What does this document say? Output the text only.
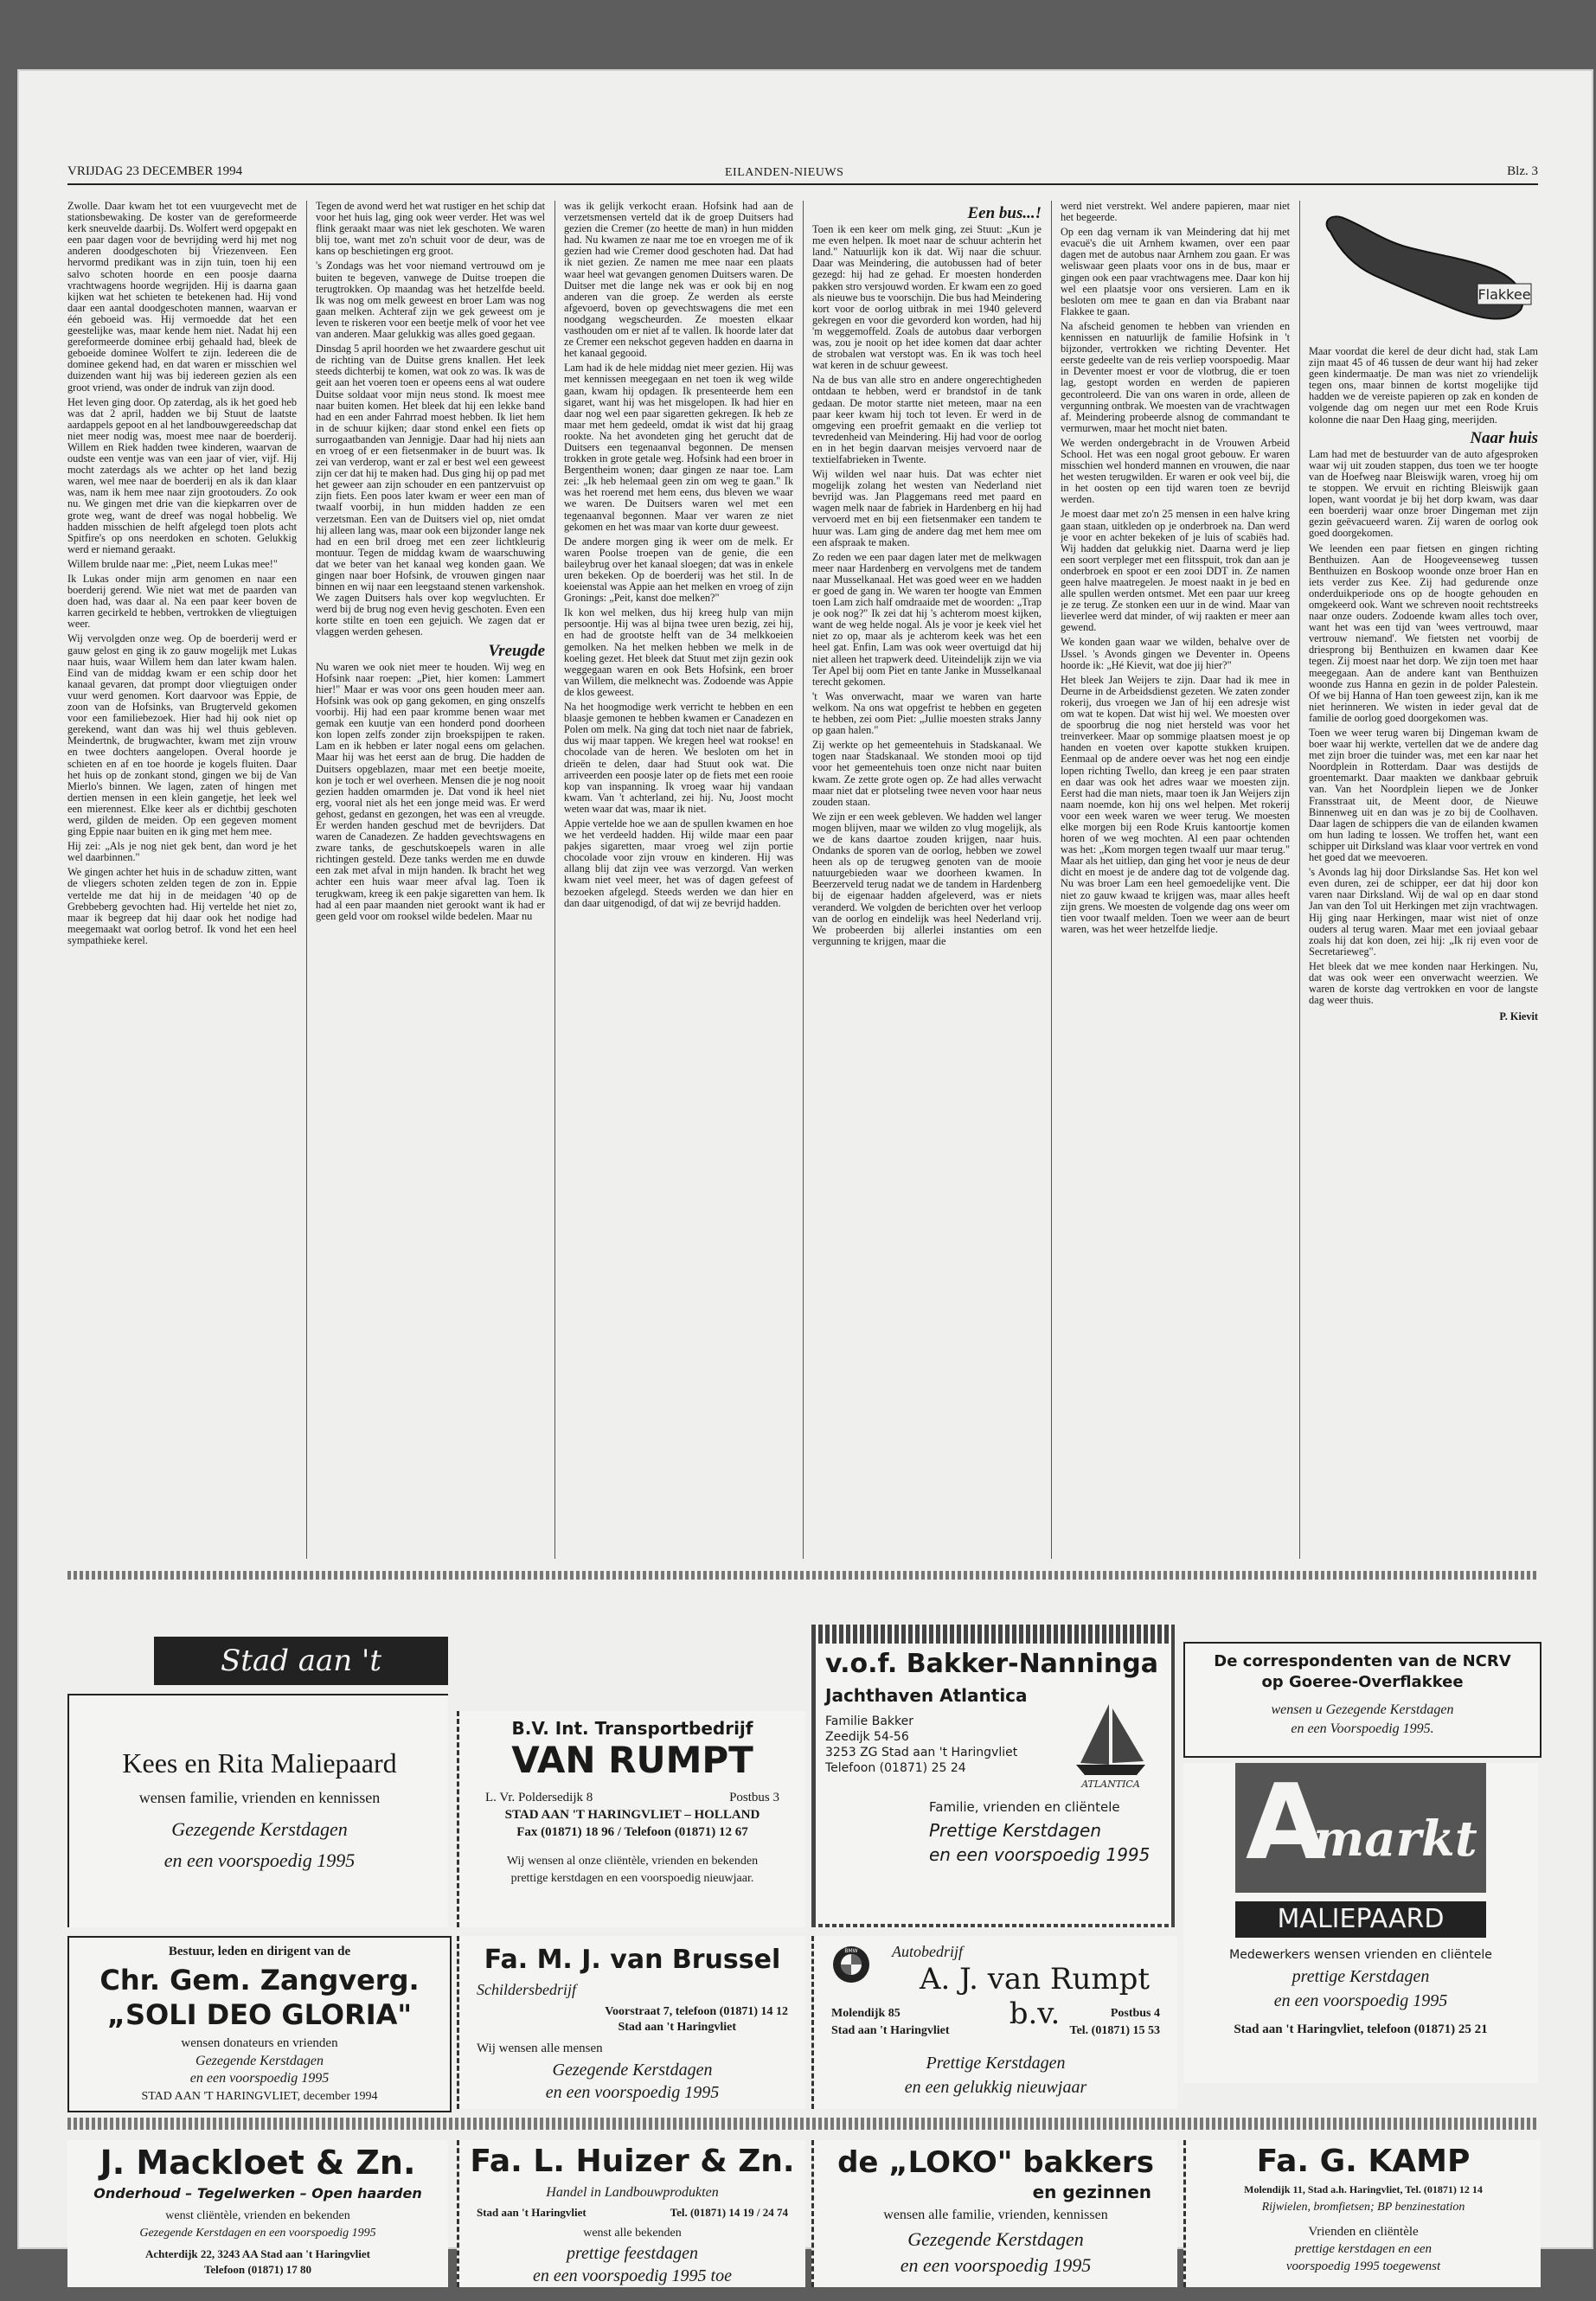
VRIJDAG 23 DECEMBER 1994	EILANDEN-NIEUWS	Blz. 3

Zwolle. Daar kwam het tot een vuurgevecht met de stationsbewaking. De koster van de gereformeerde kerk sneuvelde daarbij. Ds. Wolfert werd opgepakt en een paar dagen voor de bevrijding werd hij met nog anderen doodgeschoten bij Vriezenveen. Een hervormd predikant was in zijn tuin, toen hij een salvo schoten hoorde en een poosje daarna vrachtwagens hoorde wegrijden. Hij is daarna gaan kijken wat het schieten te betekenen had. Hij vond daar een aantal doodgeschoten mannen, waarvan er één geboeid was. Hij vermoedde dat het een geestelijke was, maar kende hem niet. Nadat hij een gereformeerde dominee erbij gehaald had, bleek de geboeide dominee Wolfert te zijn. Iedereen die de dominee gekend had, en dat waren er misschien wel duizenden want hij was bij iedereen gezien als een groot vriend, was onder de indruk van zijn dood.

Het leven ging door. Op zaterdag, als ik het goed heb was dat 2 april, hadden we bij Stuut de laatste aardappels gepoot en al het landbouwgereedschap dat niet meer nodig was, moest mee naar de boerderij. Willem en Riek hadden twee kinderen, waarvan de oudste een ventje was van een jaar of vier, vijf. Hij mocht zaterdags als we achter op het land bezig waren, wel mee naar de boerderij en als ik dan klaar was, nam ik hem mee naar zijn grootouders. Zo ook nu. We gingen met drie van die kiepkarren over de grote weg, want de dreef was nogal hobbelig. We hadden misschien de helft afgelegd toen plots acht Spitfire's op ons neerdoken en schoten. Gelukkig werd er niemand geraakt.

Willem brulde naar me: „Piet, neem Lukas mee!"

Ik Lukas onder mijn arm genomen en naar een boerderij gerend. Wie niet wat met de paarden van doen had, was daar al. Na een paar keer boven de karren gecirkeld te hebben, vertrokken de vliegtuigen weer.

Wij vervolgden onze weg. Op de boerderij werd er gauw gelost en ging ik zo gauw mogelijk met Lukas naar huis, waar Willem hem dan later kwam halen. Eind van de middag kwam er een schip door het kanaal gevaren, dat prompt door vliegtuigen onder vuur werd genomen. Kort daarvoor was Eppie, de zoon van de Hofsinks, van Brugterveld gekomen voor een familiebezoek. Hier had hij ook niet op gerekend, want dan was hij wel thuis gebleven. Meindertnk, de brugwachter, kwam met zijn vrouw en twee dochters aangelopen. Overal hoorde je schieten en af en toe hoorde je kogels fluiten. Daar het huis op de zonkant stond, gingen we bij de Van Mierlo's binnen. We lagen, zaten of hingen met dertien mensen in een klein gangetje, het leek wel een mierennest. Elke keer als er dichtbij geschoten werd, gilden de meiden. Op een gegeven moment ging Eppie naar buiten en ik ging met hem mee.

Hij zei: „Als je nog niet gek bent, dan word je het wel daarbinnen."

We gingen achter het huis in de schaduw zitten, want de vliegers schoten zelden tegen de zon in. Eppie vertelde me dat hij in de meidagen '40 op de Grebbeberg gevochten had. Hij vertelde het niet zo, maar ik begreep dat hij daar ook het nodige had meegemaakt wat oorlog betrof. Ik vond het een heel sympathieke kerel.

Tegen de avond werd het wat rustiger en het schip dat voor het huis lag, ging ook weer verder. Het was wel flink geraakt maar was niet lek geschoten. We waren blij toe, want met zo'n schuit voor de deur, was de kans op beschietingen erg groot.

's Zondags was het voor niemand vertrouwd om je buiten te begeven, vanwege de Duitse troepen die terugtrokken. Op maandag was het hetzelfde beeld. Ik was nog om melk geweest en broer Lam was nog gaan melken. Achteraf zijn we gek geweest om je leven te riskeren voor een beetje melk of voor het vee van anderen. Maar gelukkig was alles goed gegaan.

Dinsdag 5 april hoorden we het zwaardere geschut uit de richting van de Duitse grens knallen. Het leek steeds dichterbij te komen, wat ook zo was. Ik was de geit aan het voeren toen er opeens eens al wat oudere Duitse soldaat voor mijn neus stond. Ik moest mee naar buiten komen. Het bleek dat hij een lekke band had en een ander Fahrrad moest hebben. Ik liet hem in de schuur kijken; daar stond enkel een fiets op surrogaatbanden van Jennigje. Daar had hij niets aan en vroeg of er een fietsenmaker in de buurt was. Ik zei van verderop, want er zal er best wel een geweest zijn cer dat hij te maken had. Dus ging hij op pad met het geweer aan zijn schouder en een pantzervuist op zijn fiets. Een poos later kwam er weer een man of twaalf voorbij, in hun midden hadden ze een verzetsman. Een van de Duitsers viel op, niet omdat hij alleen lang was, maar ook een bijzonder lange nek had en een bril droeg met een zeer lichtkleurig montuur. Tegen de middag kwam de waarschuwing dat we beter van het kanaal weg konden gaan. We gingen naar boer Hofsink, de vrouwen gingen naar binnen en wij naar een leegstaand stenen varkenshok. We zagen Duitsers hals over kop wegvluchten. Er werd bij de brug nog even hevig geschoten. Even een korte stilte en toen een gejuich. We zagen dat er vlaggen werden gehesen.

Vreugde

Nu waren we ook niet meer te houden. Wij weg en Hofsink naar roepen: „Piet, hier komen: Lammert hier!" Maar er was voor ons geen houden meer aan. Hofsink was ook op gang gekomen, en ging onszelfs voorbij. Hij had een paar kromme benen waar met gemak een kuutje van een honderd pond doorheen kon lopen zelfs zonder zijn broekspijpen te raken. Lam en ik hebben er later nogal eens om gelachen. Maar hij was het eerst aan de brug. Die hadden de Duitsers opgeblazen, maar met een beetje moeite, kon je toch er wel overheen. Mensen die je nog nooit gezien hadden omarmden je. Dat vond ik heel niet erg, vooral niet als het een jonge meid was. Er werd gehost, gedanst en gezongen, het was een al vreugde. Er werden handen geschud met de bevrijders. Dat waren de Canadezen. Ze hadden gevechtswagens en zware tanks, de geschutskoepels waren in alle richtingen gesteld. Deze tanks werden me en duwde een zak met afval in mijn handen. Ik bracht het weg achter een huis waar meer afval lag. Toen ik terugkwam, kreeg ik een pakje sigaretten van hem. Ik had al een paar maanden niet gerookt want ik had er geen geld voor om rooksel wilde bedelen. Maar nu

was ik gelijk verkocht eraan. Hofsink had aan de verzetsmensen verteld dat ik de groep Duitsers had gezien die Cremer (zo heette de man) in hun midden had. Nu kwamen ze naar me toe en vroegen me of ik gezien had wie Cremer dood geschoten had. Dat had ik niet gezien. Ze namen me mee naar een plaats waar heel wat gevangen genomen Duitsers waren. De Duitser met die lange nek was er ook bij en nog anderen van die groep. Ze werden als eerste afgevoerd, boven op gevechtswagens die met een noodgang wegscheurden. Ze moesten elkaar vasthouden om er niet af te vallen. Ik hoorde later dat ze Cremer een nekschot gegeven hadden en daarna in het kanaal gegooid.

Lam had ik de hele middag niet meer gezien. Hij was met kennissen meegegaan en net toen ik weg wilde gaan, kwam hij opdagen. Ik presenteerde hem een sigaret, want hij was het misgelopen. Ik had hier en daar nog wel een paar sigaretten gekregen. Ik heb ze maar met hem gedeeld, omdat ik wist dat hij graag rookte. Na het avondeten ging het gerucht dat de Duitsers een tegenaanval begonnen. De mensen trokken in grote getale weg. Hofsink had een broer in Bergentheim wonen; daar gingen ze naar toe. Lam zei: „Ik heb helemaal geen zin om weg te gaan." Ik was het roerend met hem eens, dus bleven we waar we waren. De Duitsers waren wel met een tegenaanval begonnen. Maar ver waren ze niet gekomen en het was maar van korte duur geweest.

De andere morgen ging ik weer om de melk. Er waren Poolse troepen van de genie, die een baileybrug over het kanaal sloegen; dat was in enkele uren bekeken. Op de boerderij was het stil. In de koeienstal was Appie aan het melken en vroeg of zijn Gronings: „Peit, kanst doe melken?"

Ik kon wel melken, dus hij kreeg hulp van mijn persoontje. Hij was al bijna twee uren bezig, zei hij, en had de grootste helft van de 34 melkkoeien gemolken. Na het melken hebben we melk in de koeling gezet. Het bleek dat Stuut met zijn gezin ook weggegaan waren en ook Bets Hofsink, een broer van Willem, die melknecht was. Zodoende was Appie de klos geweest.

Na het hoogmodige werk verricht te hebben en een blaasje gemonen te hebben kwamen er Canadezen en Polen om melk. Na ging dat toch niet naar de fabriek, dus wij maar tappen. We kregen heel wat rookse! en chocolade van de heren. We besloten om het in drieën te delen, daar had Stuut ook wat. Die arriveerden een poosje later op de fiets met een rooie kop van inspanning. Ik vroeg waar hij vandaan kwam. Van 't achterland, zei hij. Nu, Joost mocht weten waar dat was, maar ik niet.

Appie vertelde hoe we aan de spullen kwamen en hoe we het verdeeld hadden. Hij wilde maar een paar pakjes sigaretten, maar vroeg wel zijn portie chocolade voor zijn vrouw en kinderen. Hij was allang blij dat zijn vee was verzorgd. Van werken kwam niet veel meer, het was of dagen gefeest of bezoeken afgelegd. Steeds werden we dan hier en dan daar uitgenodigd, of dat wij ze bevrijd hadden.

Een bus...!

Toen ik een keer om melk ging, zei Stuut: „Kun je me even helpen. Ik moet naar de schuur achterin het land." Natuurlijk kon ik dat. Wij naar die schuur. Daar was Meindering, die autobussen had of beter gezegd: hij had ze gehad. Er moesten honderden pakken stro versjouwd worden. Er kwam een zo goed als nieuwe bus te voorschijn. Die bus had Meindering kort voor de oorlog uitbrak in mei 1940 geleverd gekregen en voor die gevorderd kon worden, had hij 'm weggemoffeld. Zoals de autobus daar verborgen was, zou je nooit op het idee komen dat daar achter de strobalen wat verstopt was. En ik was toch heel wat keren in de schuur geweest.

Na de bus van alle stro en andere ongerechtigheden ontdaan te hebben, werd er brandstof in de tank gedaan. De motor startte niet meteen, maar na een paar keer kwam hij toch tot leven. Er werd in de omgeving een proefrit gemaakt en die verliep tot tevredenheid van Meindering. Hij had voor de oorlog en in het begin daarvan meisjes vervoerd naar de textielfabrieken in Twente.

Wij wilden wel naar huis. Dat was echter niet mogelijk zolang het westen van Nederland niet bevrijd was. Jan Plaggemans reed met paard en wagen melk naar de fabriek in Hardenberg en hij had vervoerd met en bij een fietsenmaker een tandem te huur was. Lam ging de andere dag met hem mee om een afspraak te maken.

Zo reden we een paar dagen later met de melkwagen meer naar Hardenberg en vervolgens met de tandem naar Musselkanaal. Het was goed weer en we hadden er goed de gang in. We waren ter hoogte van Emmen toen Lam zich half omdraaide met de woorden: „Trap je ook nog?" Ik zei dat hij 's achterom moest kijken, want de weg helde nogal. Als je voor je keek viel het niet zo op, maar als je achterom keek was het een heel gat. Enfin, Lam was ook weer overtuigd dat hij niet alleen het trapwerk deed. Uiteindelijk zijn we via Ter Apel bij oom Piet en tante Janke in Musselkanaal terecht gekomen.

't Was onverwacht, maar we waren van harte welkom. Na ons wat opgefrist te hebben en gegeten te hebben, zei oom Piet: „Jullie moesten straks Janny op gaan halen."

Zij werkte op het gemeentehuis in Stadskanaal. We togen naar Stadskanaal. We stonden mooi op tijd voor het gemeentehuis toen onze nicht naar buiten kwam. Ze zette grote ogen op. Ze had alles verwacht maar niet dat er plotseling twee neven voor haar neus zouden staan.

We zijn er een week gebleven. We hadden wel langer mogen blijven, maar we wilden zo vlug mogelijk, als we de kans daartoe zouden krijgen, naar huis. Ondanks de sporen van de oorlog, hebben we zowel heen als op de terugweg genoten van de mooie natuurgebieden waar we doorheen kwamen. In Beerzerveld terug nadat we de tandem in Hardenberg bij de eigenaar hadden afgeleverd, was er niets veranderd. We volgden de berichten over het verloop van de oorlog en eindelijk was heel Nederland vrij. We probeerden bij allerlei instanties om een vergunning te krijgen, maar die

werd niet verstrekt. Wel andere papieren, maar niet het begeerde.

Op een dag vernam ik van Meindering dat hij met evacuë's die uit Arnhem kwamen, over een paar dagen met de autobus naar Arnhem zou gaan. Er was weliswaar geen plaats voor ons in de bus, maar er gingen ook een paar vrachtwagens mee. Daar kon hij wel een plaatsje voor ons versieren. Lam en ik besloten om mee te gaan en dan via Brabant naar Flakkee te gaan.

Na afscheid genomen te hebben van vrienden en kennissen en natuurlijk de familie Hofsink in 't bijzonder, vertrokken we richting Deventer. Het eerste gedeelte van de reis verliep voorspoedig. Maar in Deventer moest er voor de vlotbrug, die er toen lag, gestopt worden en werden de papieren gecontroleerd. Die van ons waren in orde, alleen de vergunning ontbrak. We moesten van de vrachtwagen af. Meindering probeerde alsnog de commandant te vermurwen, maar het mocht niet baten.

We werden ondergebracht in de Vrouwen Arbeid School. Het was een nogal groot gebouw. Er waren misschien wel honderd mannen en vrouwen, die naar het westen terugwilden. Er waren er ook veel bij, die in het oosten op een tijd waren toen ze bevrijd werden.

Je moest daar met zo'n 25 mensen in een halve kring gaan staan, uitkleden op je onderbroek na. Dan werd je voor en achter bekeken of je luis of scabiës had. Wij hadden dat gelukkig niet. Daarna werd je liep een soort verpleger met een flitsspuit, trok dan aan je onderbroek en spoot er een zooi DDT in. Ze namen geen halve maatregelen. Je moest naakt in je bed en alle spullen werden ontsmet. Met een paar uur kreeg je ze terug. Ze stonken een uur in de wind. Maar van lieverlee werd dat minder, of wij raakten er meer aan gewend.

We konden gaan waar we wilden, behalve over de IJssel. 's Avonds gingen we Deventer in. Opeens hoorde ik: „Hé Kievit, wat doe jij hier?"

Het bleek Jan Weijers te zijn. Daar had ik mee in Deurne in de Arbeidsdienst gezeten. We zaten zonder rokerij, dus vroegen we Jan of hij een adresje wist om wat te kopen. Dat wist hij wel. We moesten over de spoorbrug die nog niet hersteld was voor het treinverkeer. Maar op sommige plaatsen moest je op handen en voeten over kapotte stukken kruipen. Eenmaal op de andere oever was het nog een eindje lopen richting Twello, dan kreeg je een paar straten en daar was ook het adres waar we moesten zijn. Eerst had die man niets, maar toen ik Jan Weijers zijn naam noemde, kon hij ons wel helpen. Met rokerij voor een week waren we weer terug. We moesten elke morgen bij een Rode Kruis kantoortje komen horen of we weg mochten. Al een paar ochtenden was het: „Kom morgen tegen twaalf uur maar terug." Maar als het uitliep, dan ging het voor je neus de deur dicht en moest je de andere dag tot de volgende dag. Nu was broer Lam een heel gemoedelijke vent. Die niet zo gauw kwaad te krijgen was, maar alles heeft zijn grens. We moesten de volgende dag ons weer om tien voor twaalf melden. Toen we weer aan de beurt waren, was het weer hetzelfde liedje.

Flakkee

Maar voordat die kerel de deur dicht had, stak Lam zijn maat 45 of 46 tussen de deur want hij had zeker geen kindermaatje. De man was niet zo vriendelijk tegen ons, maar binnen de kortst mogelijke tijd hadden we de vereiste papieren op zak en konden de volgende dag om negen uur met een Rode Kruis kolonne die naar Den Haag ging, meerijden.

Naar huis

Lam had met de bestuurder van de auto afgesproken waar wij uit zouden stappen, dus toen we ter hoogte van de Hoefweg naar Bleiswijk waren, vroeg hij om te stoppen. We ervuit en richting Bleiswijk gaan lopen, want voordat je bij het dorp kwam, was daar een boerderij waar onze broer Dingeman met zijn gezin geëvacueerd waren. Zij waren de oorlog ook goed doorgekomen.

We leenden een paar fietsen en gingen richting Benthuizen. Aan de Hoogeveenseweg tussen Benthuizen en Boskoop woonde onze broer Han en iets verder zus Kee. Zij had gedurende onze onderduikperiode ons op de hoogte gehouden en omgekeerd ook. Want we schreven nooit rechtstreeks naar onze ouders. Zodoende kwam alles toch over, want het was een tijd van 'wees vertrouwd, maar vertrouw niemand'. We fietsten net voorbij de driesprong bij Benthuizen en kwamen daar Kee tegen. Zij moest naar het dorp. We zijn toen met haar meegegaan. Aan de andere kant van Benthuizen woonde zus Hanna en gezin in de polder Palestein. Of we bij Hanna of Han toen geweest zijn, kan ik me niet herinneren. We wisten in ieder geval dat de familie de oorlog goed doorgekomen was.

Toen we weer terug waren bij Dingeman kwam de boer waar hij werkte, vertellen dat we de andere dag met zijn broer die tuinder was, met een kar naar het Noordplein in Rotterdam. Daar was destijds de groentemarkt. Daar maakten we dankbaar gebruik van. Van het Noordplein liepen we de Jonker Fransstraat uit, de Meent door, de Nieuwe Binnenweg uit en dan was je zo bij de Coolhaven. Daar lagen de schippers die van de eilanden kwamen om hun lading te lossen. We troffen het, want een schipper uit Dirksland was klaar voor vertrek en vond het goed dat we meevoeren.

's Avonds lag hij door Dirkslandse Sas. Het kon wel even duren, zei de schipper, eer dat hij door kon varen naar Dirksland. Wij de wal op en daar stond Jan van den Tol uit Herkingen met zijn vrachtwagen. Hij ging naar Herkingen, maar wist niet of onze ouders al terug waren. Maar met een joviaal gebaar zoals hij dat kon doen, zei hij: „Ik rij even voor de Secretarieweg".

Het bleek dat we mee konden naar Herkingen. Nu, dat was ook weer een onverwacht weerzien. We waren de korste dag vertrokken en voor de langste dag weer thuis.

P. Kievit

Stad aan 't
Kees en Rita Maliepaard
wensen familie, vrienden en kennissen
Gezegende Kerstdagen
en een voorspoedig 1995
B.V. Int. Transportbedrijf
VAN RUMPT
L. Vr. Poldersedijk 8	Postbus 3
STAD AAN 'T HARINGVLIET – HOLLAND
Fax (01871) 18 96 / Telefoon (01871) 12 67
Wij wensen al onze cliëntèle, vrienden en bekenden
prettige kerstdagen en een voorspoedig nieuwjaar.
v.o.f. Bakker-Nanninga
Jachthaven Atlantica
Familie Bakker
Zeedijk 54-56
3253 ZG Stad aan 't Haringvliet
Telefoon (01871) 25 24
ATLANTICA
Familie, vrienden en cliëntele
Prettige Kerstdagen
en een voorspoedig 1995
De correspondenten van de NCRV
op Goeree-Overflakkee
wensen u Gezegende Kerstdagen
en een Voorspoedig 1995.
A
markt
MALIEPAARD
Medewerkers wensen vrienden en cliëntele
prettige Kerstdagen
en een voorspoedig 1995
Stad aan 't Haringvliet, telefoon (01871) 25 21
Bestuur, leden en dirigent van de
Chr. Gem. Zangverg.
„SOLI DEO GLORIA"
wensen donateurs en vrienden
Gezegende Kerstdagen
en een voorspoedig 1995
STAD AAN 'T HARINGVLIET, december 1994
Fa. M. J. van Brussel
Schildersbedrijf
Voorstraat 7, telefoon (01871) 14 12
Stad aan 't Haringvliet
Wij wensen alle mensen
Gezegende Kerstdagen
en een voorspoedig 1995
BMW Autobedrijf
A. J. van Rumpt b.v.
Molendijk 85	Postbus 4
Stad aan 't Haringvliet	Tel. (01871) 15 53
Prettige Kerstdagen
en een gelukkig nieuwjaar
J. Mackloet & Zn.
Onderhoud – Tegelwerken – Open haarden
wenst cliëntèle, vrienden en bekenden
Gezegende Kerstdagen en een voorspoedig 1995
Achterdijk 22, 3243 AA Stad aan 't Haringvliet
Telefoon (01871) 17 80
Fa. L. Huizer & Zn.
Handel in Landbouwprodukten
Stad aan 't Haringvliet	Tel. (01871) 14 19 / 24 74
wenst alle bekenden
prettige feestdagen
en een voorspoedig 1995 toe
de „LOKO" bakkers
en gezinnen
wensen alle familie, vrienden, kennissen
Gezegende Kerstdagen
en een voorspoedig 1995
Fa. G. KAMP
Molendijk 11, Stad a.h. Haringvliet, Tel. (01871) 12 14
Rijwielen, bromfietsen; BP benzinestation
Vrienden en cliëntèle
prettige kerstdagen en een
voorspoedig 1995 toegewenst
